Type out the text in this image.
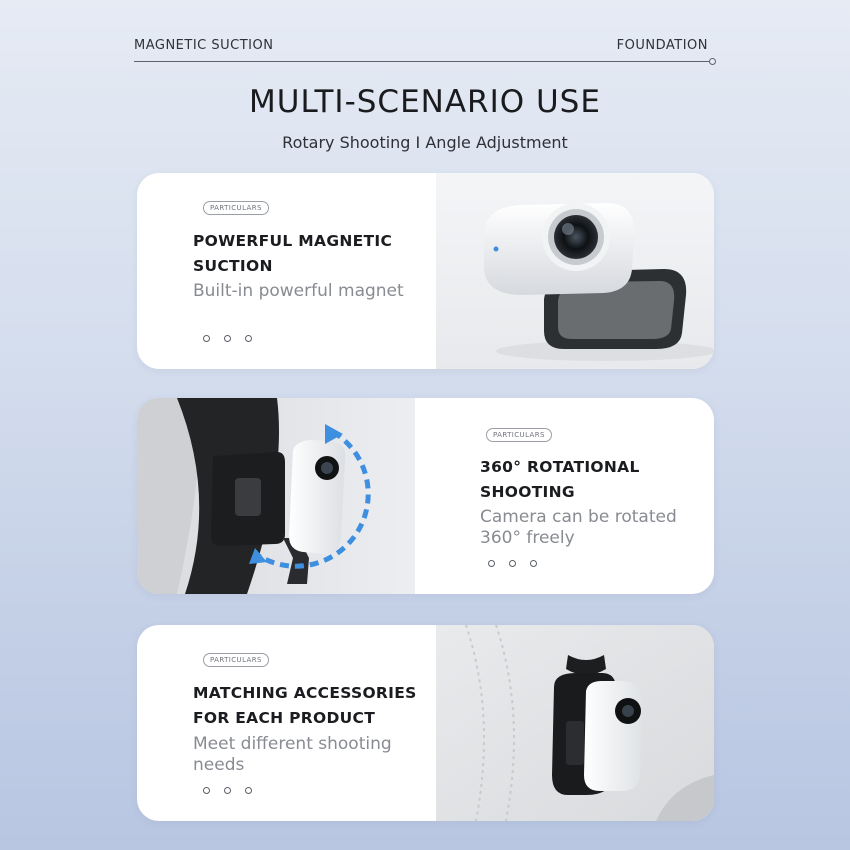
MAGNETIC SUCTION	FOUNDATION
MULTI-SCENARIO USE
Rotary Shooting I Angle Adjustment
PARTICULARS
POWERFUL MAGNETIC
SUCTION
Built-in powerful magnet
PARTICULARS
360° ROTATIONAL
SHOOTING
Camera can be rotated
360° freely
PARTICULARS
MATCHING ACCESSORIES
FOR EACH PRODUCT
Meet different shooting
needs
